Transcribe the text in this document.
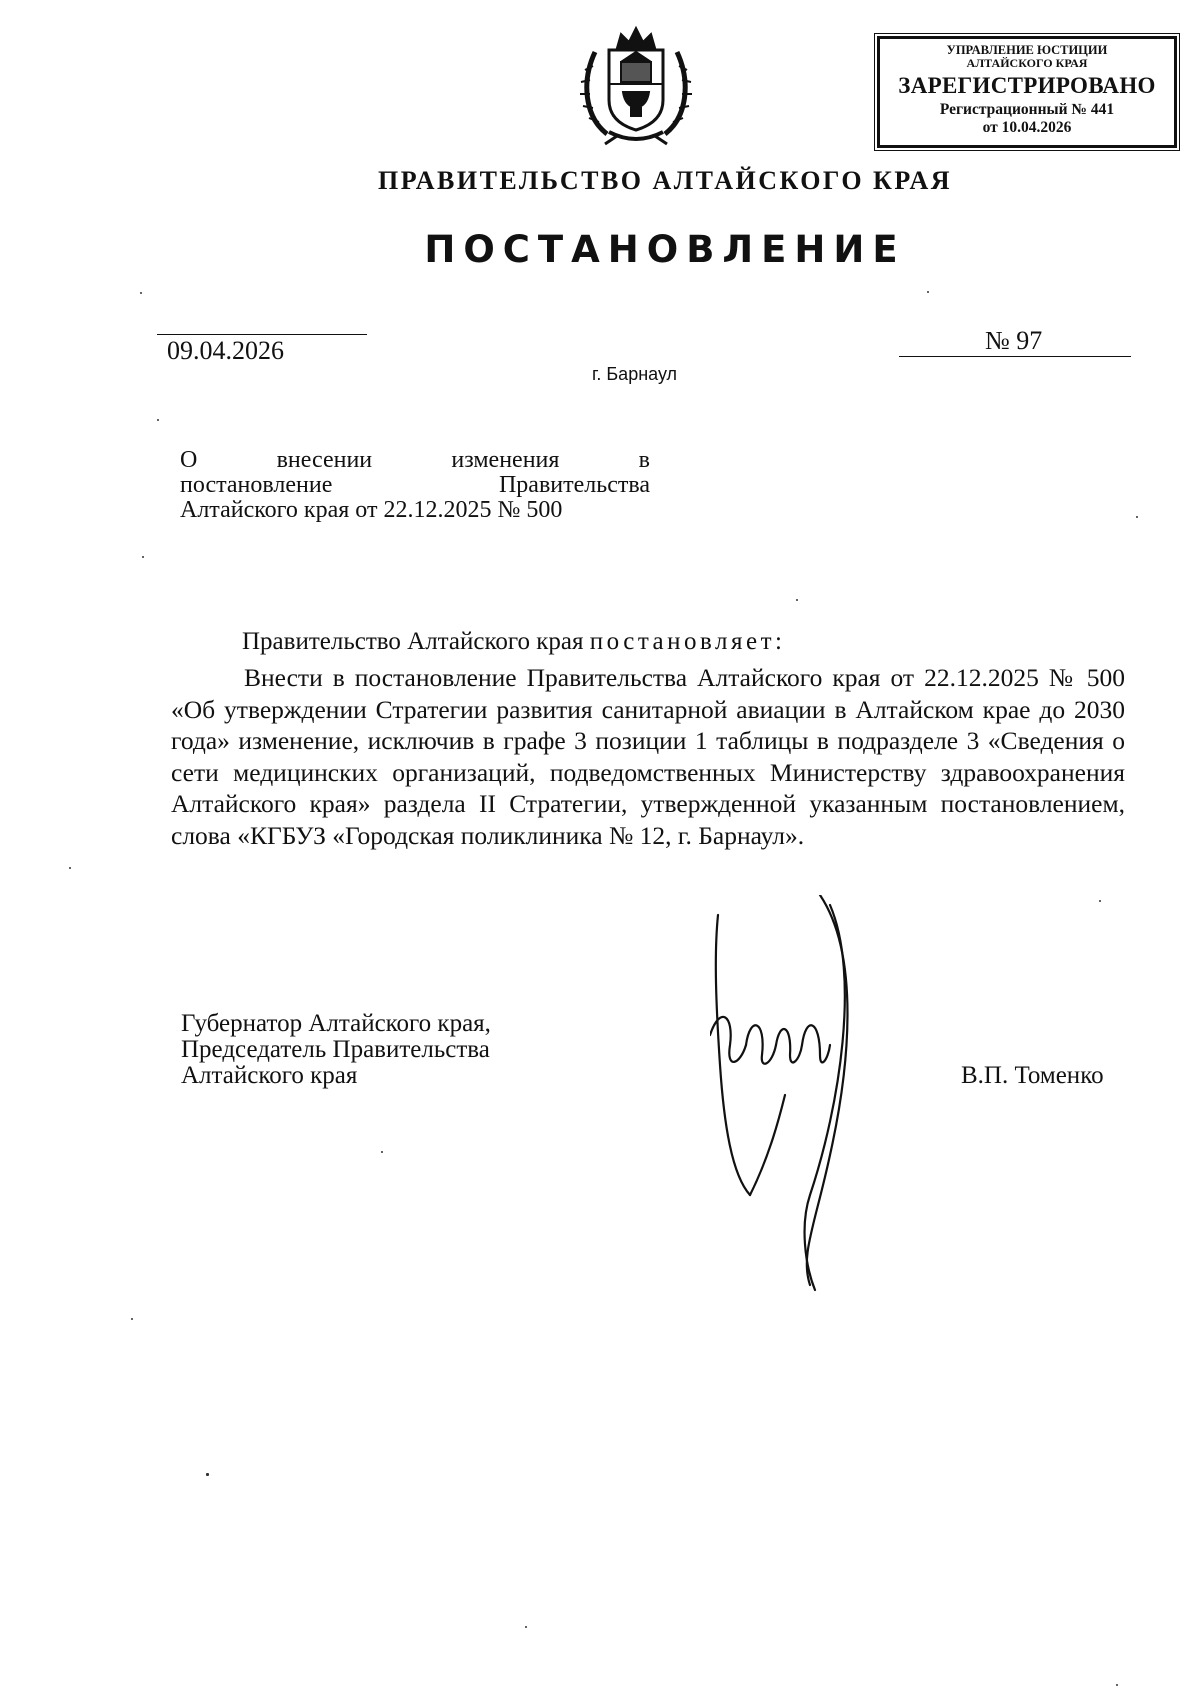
УПРАВЛЕНИЕ ЮСТИЦИИ
АЛТАЙСКОГО КРАЯ
ЗАРЕГИСТРИРОВАНО
Регистрационный № 441
от 10.04.2026
ПРАВИТЕЛЬСТВО АЛТАЙСКОГО КРАЯ
ПОСТАНОВЛЕНИЕ
09.04.2026	№ 97
г. Барнаул
О внесении изменения в
постановление Правительства
Алтайского края от 22.12.2025 № 500
Правительство Алтайского края постановляет:
Внести в постановление Правительства Алтайского края от 22.12.2025 № 500 «Об утверждении Стратегии развития санитарной авиации в Алтайском крае до 2030 года» изменение, исключив в графе 3 позиции 1 таблицы в подразделе 3 «Сведения о сети медицинских организаций, подведомственных Министерству здравоохранения Алтайского края» раздела II Стратегии, утвержденной указанным постановлением, слова «КГБУЗ «Городская поликлиника № 12, г. Барнаул».
Губернатор Алтайского края,
Председатель Правительства
Алтайского края	В.П. Томенко
